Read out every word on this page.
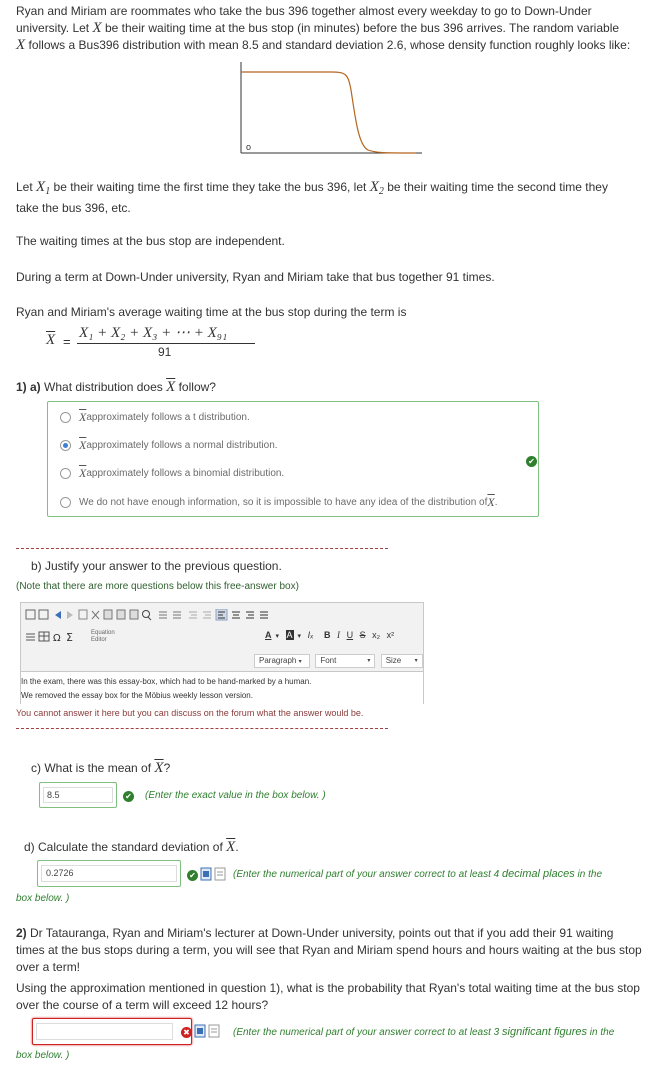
Ryan and Miriam are roommates who take the bus 396 together almost every weekday to go to Down-Under
university. Let X be their waiting time at the bus stop (in minutes) before the bus 396 arrives. The random variable
X follows a Bus396 distribution with mean 8.5 and standard deviation 2.6, whose density function roughly looks like:
o
Let $X_1$ be their waiting time the first time they take the bus 396, let $X_2$ be their waiting time the second time they
take the bus 396, etc.
The waiting times at the bus stop are independent.
During a term at Down-Under university, Ryan and Miriam take that bus together 91 times.
Ryan and Miriam's average waiting time at the bus stop during the term is
$\overline{X}$ =
X₁ + X₂ + X₃ + ⋯ + X₉₁
91
1) a) What distribution does $\overline{X}$ follow?
$\overline{X}$ approximately follows a t distribution.
$\overline{X}$ approximately follows a normal distribution.
$\overline{X}$ approximately follows a binomial distribution.
We do not have enough information, so it is impossible to have any idea of the distribution of $\overline{X}$ .
✔
b) Justify your answer to the previous question.
(Note that there are more questions below this free-answer box)
Ω Σ	Equation Editor	A ▾ A ▾ Iₓ B I U S x₂ x²
Paragraph ▾ Font	▾ Size ▾
In the exam, there was this essay-box, which had to be hand-marked by a human.
We removed the essay box for the Möbius weekly lesson version.
You cannot answer it here but you can discuss on the forum what the answer would be.
c) What is the mean of $\overline{X}$?
8.5	✔ (Enter the exact value in the box below. )
d) Calculate the standard deviation of $\overline{X}$.
0.2726	✔	(Enter the numerical part of your answer correct to at least 4 decimal places in the
box below. )
2) Dr Tatauranga, Ryan and Miriam's lecturer at Down-Under university, points out that if you add their 91 waiting
times at the bus stops during a term, you will see that Ryan and Miriam spend hours and hours waiting at the bus stop
over a term!
Using the approximation mentioned in question 1), what is the probability that Ryan's total waiting time at the bus stop
over the course of a term will exceed 12 hours?
✖	(Enter the numerical part of your answer correct to at least 3 significant figures in the
box below. )
